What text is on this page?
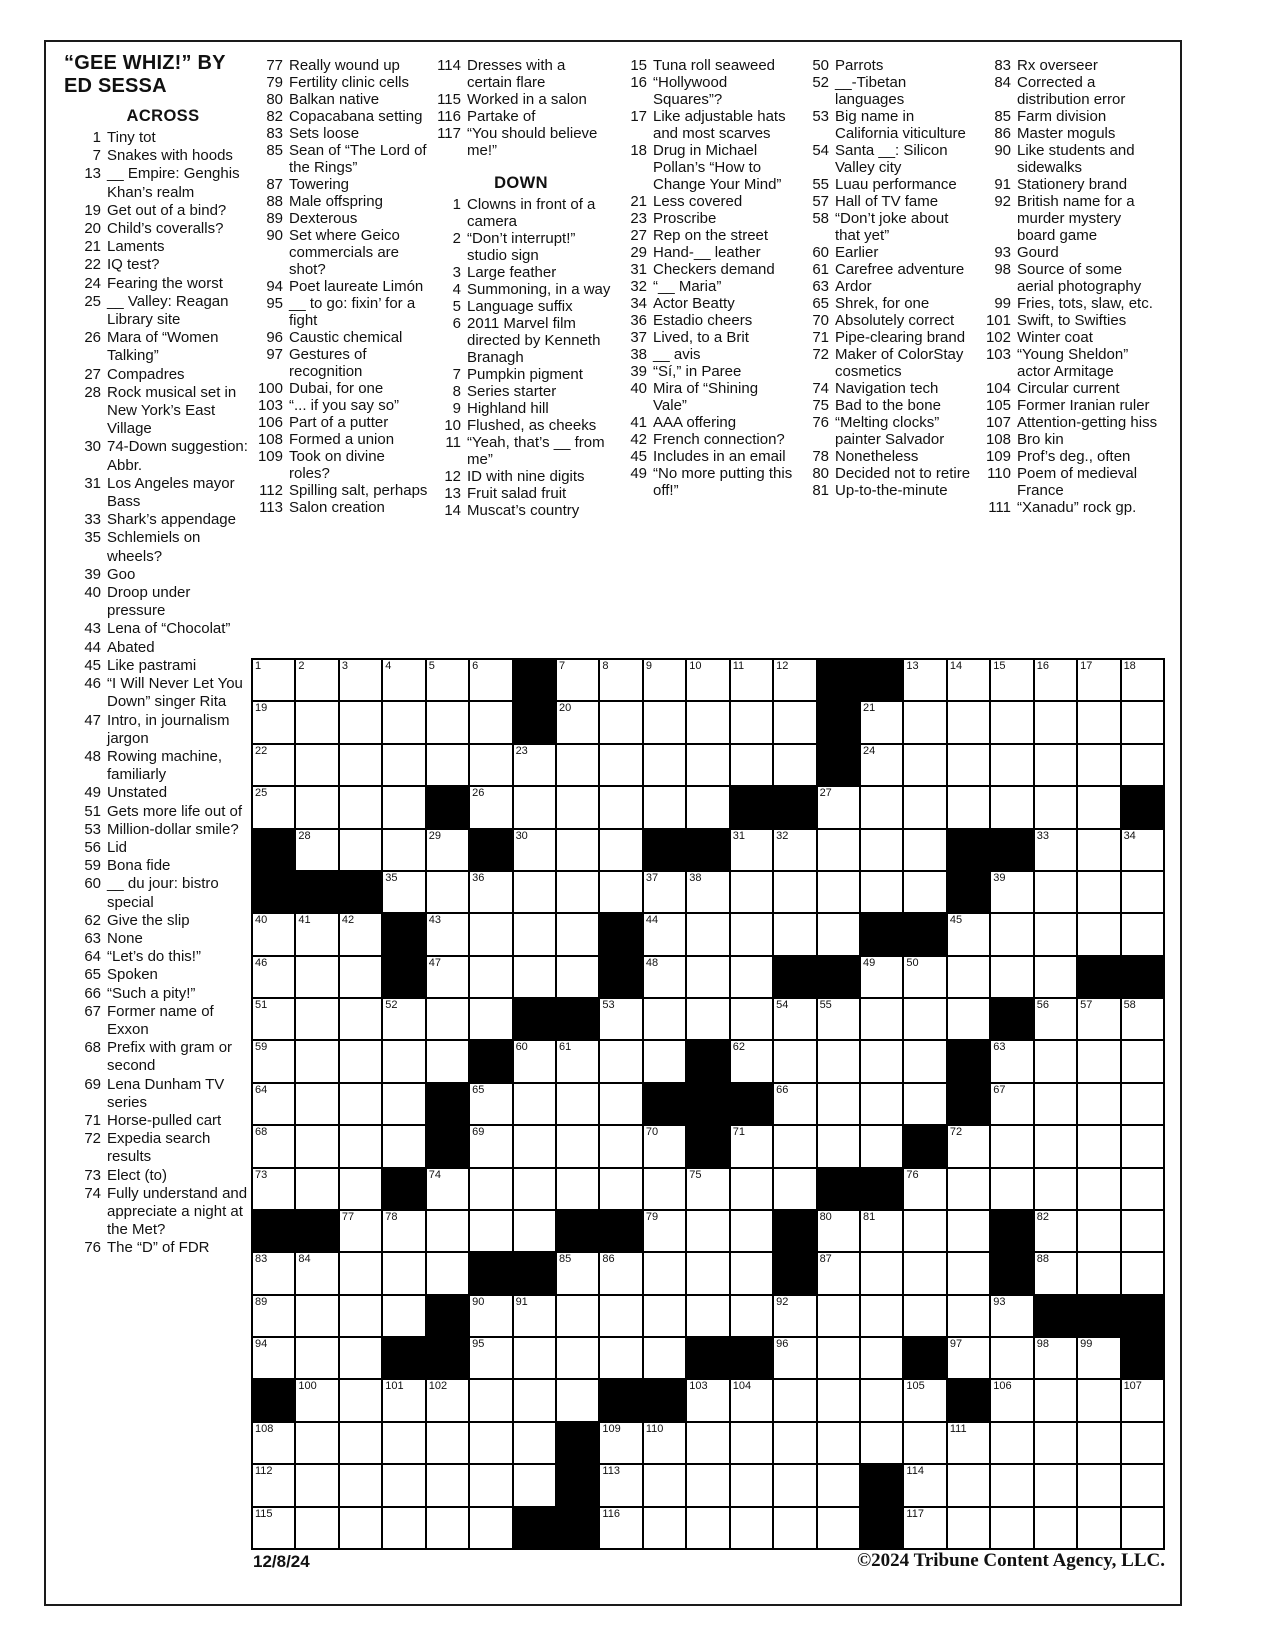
“GEE WHIZ!” BY
ED SESSA
ACROSS
1 Tiny tot
7 Snakes with hoods
13 __ Empire: Genghis Khan’s realm
19 Get out of a bind?
20 Child’s coveralls?
21 Laments
22 IQ test?
24 Fearing the worst
25 __ Valley: Reagan Library site
26 Mara of “Women Talking”
27 Compadres
28 Rock musical set in New York’s East Village
30 74-Down suggestion: Abbr.
31 Los Angeles mayor Bass
33 Shark’s appendage
35 Schlemiels on wheels?
39 Goo
40 Droop under pressure
43 Lena of “Chocolat”
44 Abated
45 Like pastrami
46 “I Will Never Let You Down” singer Rita
47 Intro, in journalism jargon
48 Rowing machine, familiarly
49 Unstated
51 Gets more life out of
53 Million-dollar smile?
56 Lid
59 Bona fide
60 __ du jour: bistro special
62 Give the slip
63 None
64 “Let’s do this!”
65 Spoken
66 “Such a pity!”
67 Former name of Exxon
68 Prefix with gram or second
69 Lena Dunham TV series
71 Horse-pulled cart
72 Expedia search results
73 Elect (to)
74 Fully understand and appreciate a night at the Met?
76 The “D” of FDR
77 Really wound up
79 Fertility clinic cells
80 Balkan native
82 Copacabana setting
83 Sets loose
85 Sean of “The Lord of the Rings”
87 Towering
88 Male offspring
89 Dexterous
90 Set where Geico commercials are shot?
94 Poet laureate Limón
95 __ to go: fixin’ for a fight
96 Caustic chemical
97 Gestures of recognition
100 Dubai, for one
103 “... if you say so”
106 Part of a putter
108 Formed a union
109 Took on divine roles?
112 Spilling salt, perhaps
113 Salon creation
114 Dresses with a certain flare
115 Worked in a salon
116 Partake of
117 “You should believe me!”
DOWN
1 Clowns in front of a camera
2 “Don’t interrupt!” studio sign
3 Large feather
4 Summoning, in a way
5 Language suffix
6 2011 Marvel film directed by Kenneth Branagh
7 Pumpkin pigment
8 Series starter
9 Highland hill
10 Flushed, as cheeks
11 “Yeah, that’s __ from me”
12 ID with nine digits
13 Fruit salad fruit
14 Muscat’s country
15 Tuna roll seaweed
16 “Hollywood Squares”?
17 Like adjustable hats and most scarves
18 Drug in Michael Pollan’s “How to Change Your Mind”
21 Less covered
23 Proscribe
27 Rep on the street
29 Hand-__ leather
31 Checkers demand
32 “__ Maria”
34 Actor Beatty
36 Estadio cheers
37 Lived, to a Brit
38 __ avis
39 “Sí,” in Paree
40 Mira of “Shining Vale”
41 AAA offering
42 French connection?
45 Includes in an email
49 “No more putting this off!”
50 Parrots
52 __-Tibetan languages
53 Big name in California viticulture
54 Santa __: Silicon Valley city
55 Luau performance
57 Hall of TV fame
58 “Don’t joke about that yet”
60 Earlier
61 Carefree adventure
63 Ardor
65 Shrek, for one
70 Absolutely correct
71 Pipe-clearing brand
72 Maker of ColorStay cosmetics
74 Navigation tech
75 Bad to the bone
76 “Melting clocks” painter Salvador
78 Nonetheless
80 Decided not to retire
81 Up-to-the-minute
83 Rx overseer
84 Corrected a distribution error
85 Farm division
86 Master moguls
90 Like students and sidewalks
91 Stationery brand
92 British name for a murder mystery board game
93 Gourd
98 Source of some aerial photography
99 Fries, tots, slaw, etc.
101 Swift, to Swifties
102 Winter coat
103 “Young Sheldon” actor Armitage
104 Circular current
105 Former Iranian ruler
107 Attention-getting hiss
108 Bro kin
109 Prof’s deg., often
110 Poem of medieval France
111 “Xanadu” rock gp.
1	2	3	4	5	6	7	8	9	10	11	12	13	14	15	16	17	18
19	20	21
22	23	24
25	26	27
28	29	30	31	32	33	34
35	36	37	38	39
40	41	42	43	44	45
46	47	48	49	50
51	52	53	54	55	56	57	58
59	60	61	62	63
64	65	66	67
68	69	70	71	72
73	74	75	76
77	78	79	80	81	82
83	84	85	86	87	88
89	90	91	92	93
94	95	96	97	98	99
100	101 102	103 104	105	106	107
108	109 110	111
112	113	114
115	116	117
12/8/24	©2024 Tribune Content Agency, LLC.
